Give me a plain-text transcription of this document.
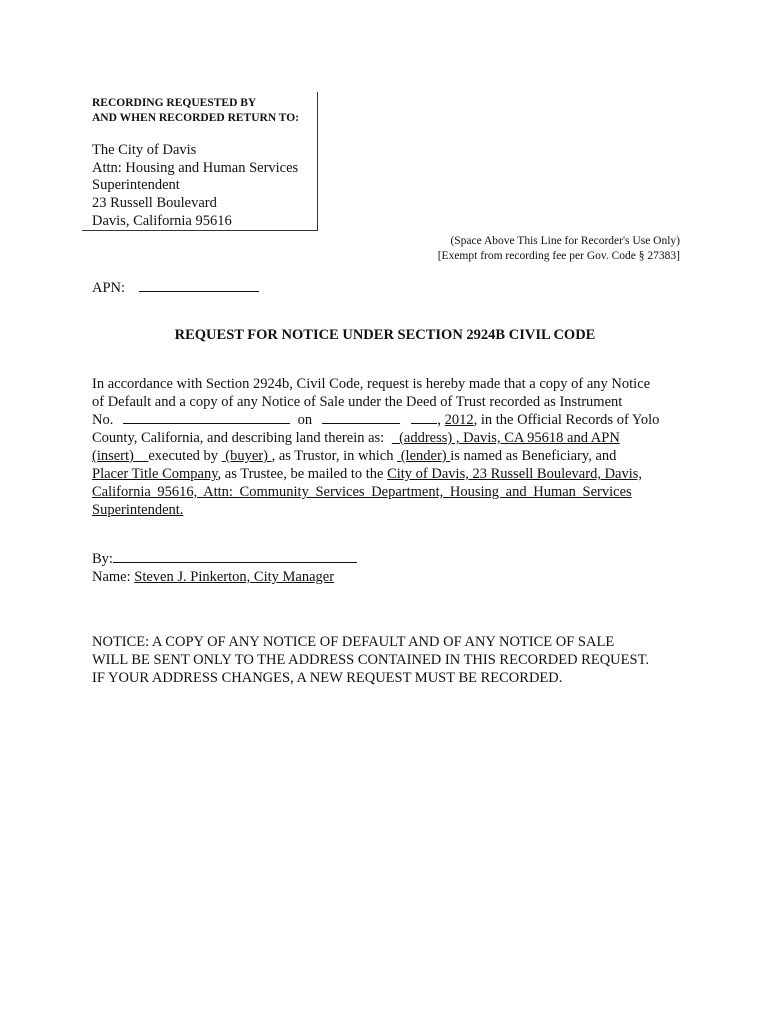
RECORDING REQUESTED BY
AND WHEN RECORDED RETURN TO:
The City of Davis
Attn: Housing and Human Services
Superintendent
23 Russell Boulevard
Davis, California 95616
(Space Above This Line for Recorder's Use Only)
[Exempt from recording fee per Gov. Code § 27383]
APN:
REQUEST FOR NOTICE UNDER SECTION 2924B CIVIL CODE
In accordance with Section 2924b, Civil Code, request is hereby made that a copy of any Notice
of Default and a copy of any Notice of Sale under the Deed of Trust recorded as Instrument
No.	on	, 2012, in the Official Records of Yolo
County, California, and describing land therein as: (address) , Davis, CA 95618 and APN
(insert) executed by (buyer) , as Trustor, in which (lender) is named as Beneficiary, and
Placer Title Company, as Trustee, be mailed to the City of Davis, 23 Russell Boulevard, Davis,
California 95616, Attn: Community Services Department, Housing and Human Services
Superintendent.
By:
Name: Steven J. Pinkerton, City Manager
NOTICE: A COPY OF ANY NOTICE OF DEFAULT AND OF ANY NOTICE OF SALE
WILL BE SENT ONLY TO THE ADDRESS CONTAINED IN THIS RECORDED REQUEST.
IF YOUR ADDRESS CHANGES, A NEW REQUEST MUST BE RECORDED.
